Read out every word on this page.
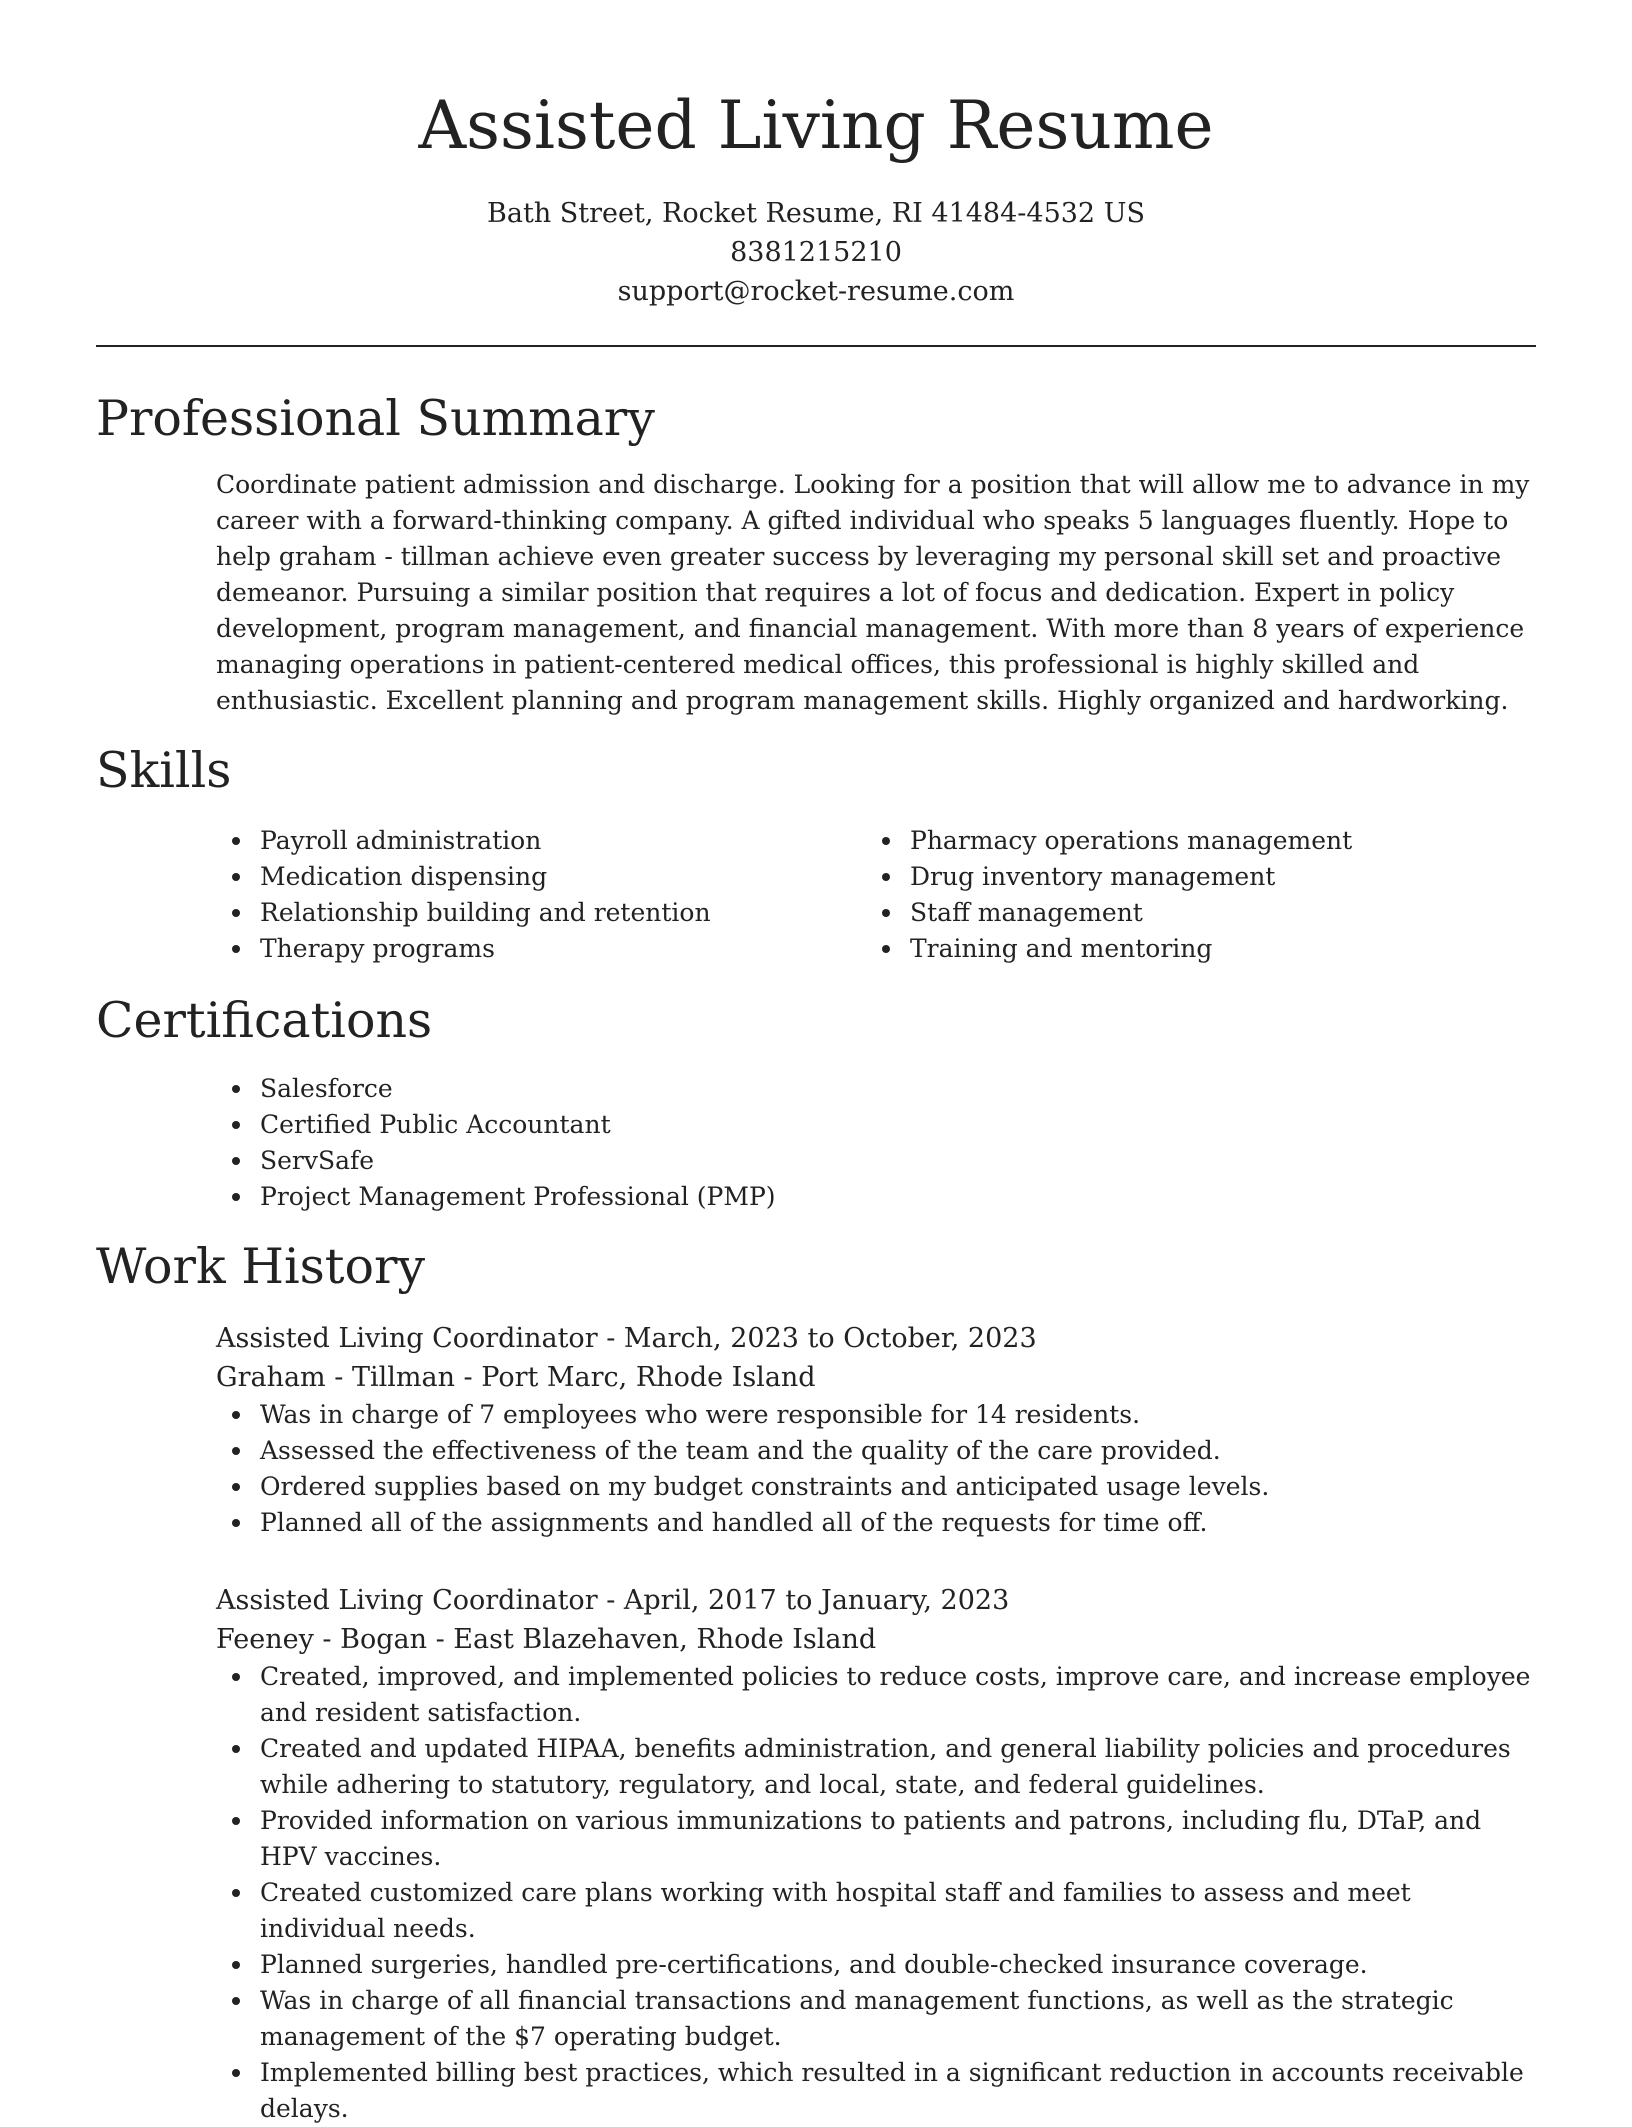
Assisted Living Resume
Bath Street, Rocket Resume, RI 41484-4532 US
8381215210
support@rocket-resume.com
Professional Summary
Coordinate patient admission and discharge. Looking for a position that will allow me to advance in my career with a forward-thinking company. A gifted individual who speaks 5 languages fluently. Hope to help graham - tillman achieve even greater success by leveraging my personal skill set and proactive demeanor. Pursuing a similar position that requires a lot of focus and dedication. Expert in policy development, program management, and financial management. With more than 8 years of experience managing operations in patient-centered medical offices, this professional is highly skilled and enthusiastic. Excellent planning and program management skills. Highly organized and hardworking.
Skills
Payroll administration
Medication dispensing
Relationship building and retention
Therapy programs
Pharmacy operations management
Drug inventory management
Staff management
Training and mentoring
Certifications
Salesforce
Certified Public Accountant
ServSafe
Project Management Professional (PMP)
Work History
Assisted Living Coordinator - March, 2023 to October, 2023
Graham - Tillman - Port Marc, Rhode Island
Was in charge of 7 employees who were responsible for 14 residents.
Assessed the effectiveness of the team and the quality of the care provided.
Ordered supplies based on my budget constraints and anticipated usage levels.
Planned all of the assignments and handled all of the requests for time off.
Assisted Living Coordinator - April, 2017 to January, 2023
Feeney - Bogan - East Blazehaven, Rhode Island
Created, improved, and implemented policies to reduce costs, improve care, and increase employee and resident satisfaction.
Created and updated HIPAA, benefits administration, and general liability policies and procedures while adhering to statutory, regulatory, and local, state, and federal guidelines.
Provided information on various immunizations to patients and patrons, including flu, DTaP, and HPV vaccines.
Created customized care plans working with hospital staff and families to assess and meet individual needs.
Planned surgeries, handled pre-certifications, and double-checked insurance coverage.
Was in charge of all financial transactions and management functions, as well as the strategic management of the $7 operating budget.
Implemented billing best practices, which resulted in a significant reduction in accounts receivable delays.
